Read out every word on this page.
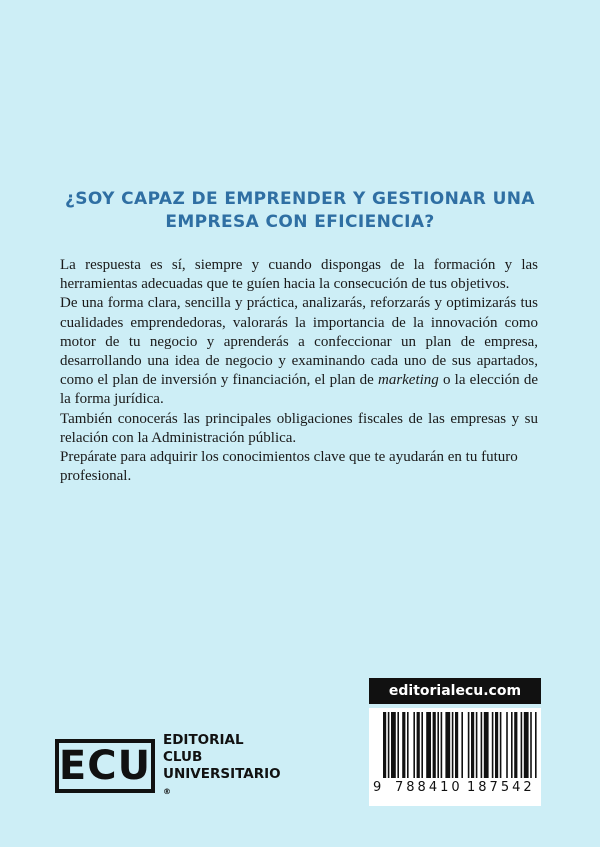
¿SOY CAPAZ DE EMPRENDER Y GESTIONAR UNA
EMPRESA CON EFICIENCIA?

La respuesta es sí, siempre y cuando dispongas de la formación y las herramientas adecuadas que te guíen hacia la consecución de tus objetivos.

De una forma clara, sencilla y práctica, analizarás, reforzarás y optimizarás tus cualidades emprendedoras, valorarás la importancia de la innovación como motor de tu negocio y aprenderás a confeccionar un plan de empresa, desarrollando una idea de negocio y examinando cada uno de sus apartados, como el plan de inversión y financiación, el plan de marketing o la elección de la forma jurídica.

También conocerás las principales obligaciones fiscales de las empresas y su relación con la Administración pública.

Prepárate para adquirir los conocimientos clave que te ayudarán en tu futuro profesional.

ECU
EDITORIAL
CLUB
UNIVERSITARIO
®
editorialecu.com
9 788410 187542
